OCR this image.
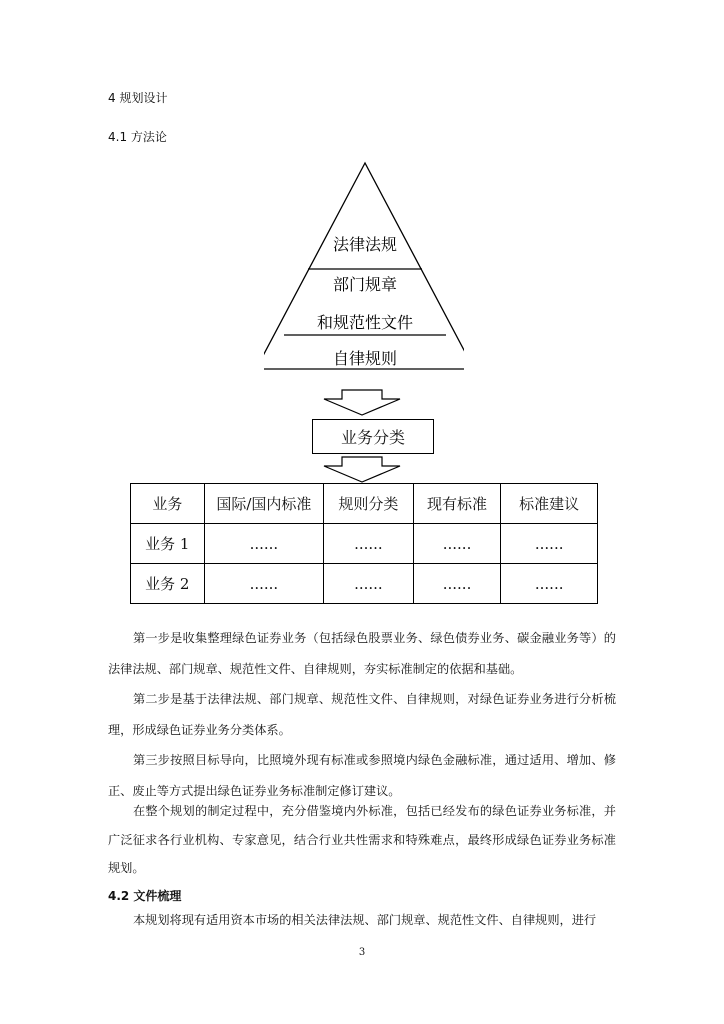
4 规划设计
4.1 方法论
法律法规
部门规章
和规范性文件
自律规则
业务分类
业务	国际/国内标准	规则分类	现有标准	标准建议
业务 1	......	......	......	......
业务 2	......	......	......	......

第一步是收集整理绿色证券业务（包括绿色股票业务、绿色债券业务、碳金融业务等）的法律法规、部门规章、规范性文件、自律规则，夯实标准制定的依据和基础。

第二步是基于法律法规、部门规章、规范性文件、自律规则，对绿色证券业务进行分析梳理，形成绿色证券业务分类体系。

第三步按照目标导向，比照境外现有标准或参照境内绿色金融标准，通过适用、增加、修正、废止等方式提出绿色证券业务标准制定修订建议。

在整个规划的制定过程中，充分借鉴境内外标准，包括已经发布的绿色证券业务标准，并广泛征求各行业机构、专家意见，结合行业共性需求和特殊难点，最终形成绿色证券业务标准规划。

4.2 文件梳理

本规划将现有适用资本市场的相关法律法规、部门规章、规范性文件、自律规则，进行

3
